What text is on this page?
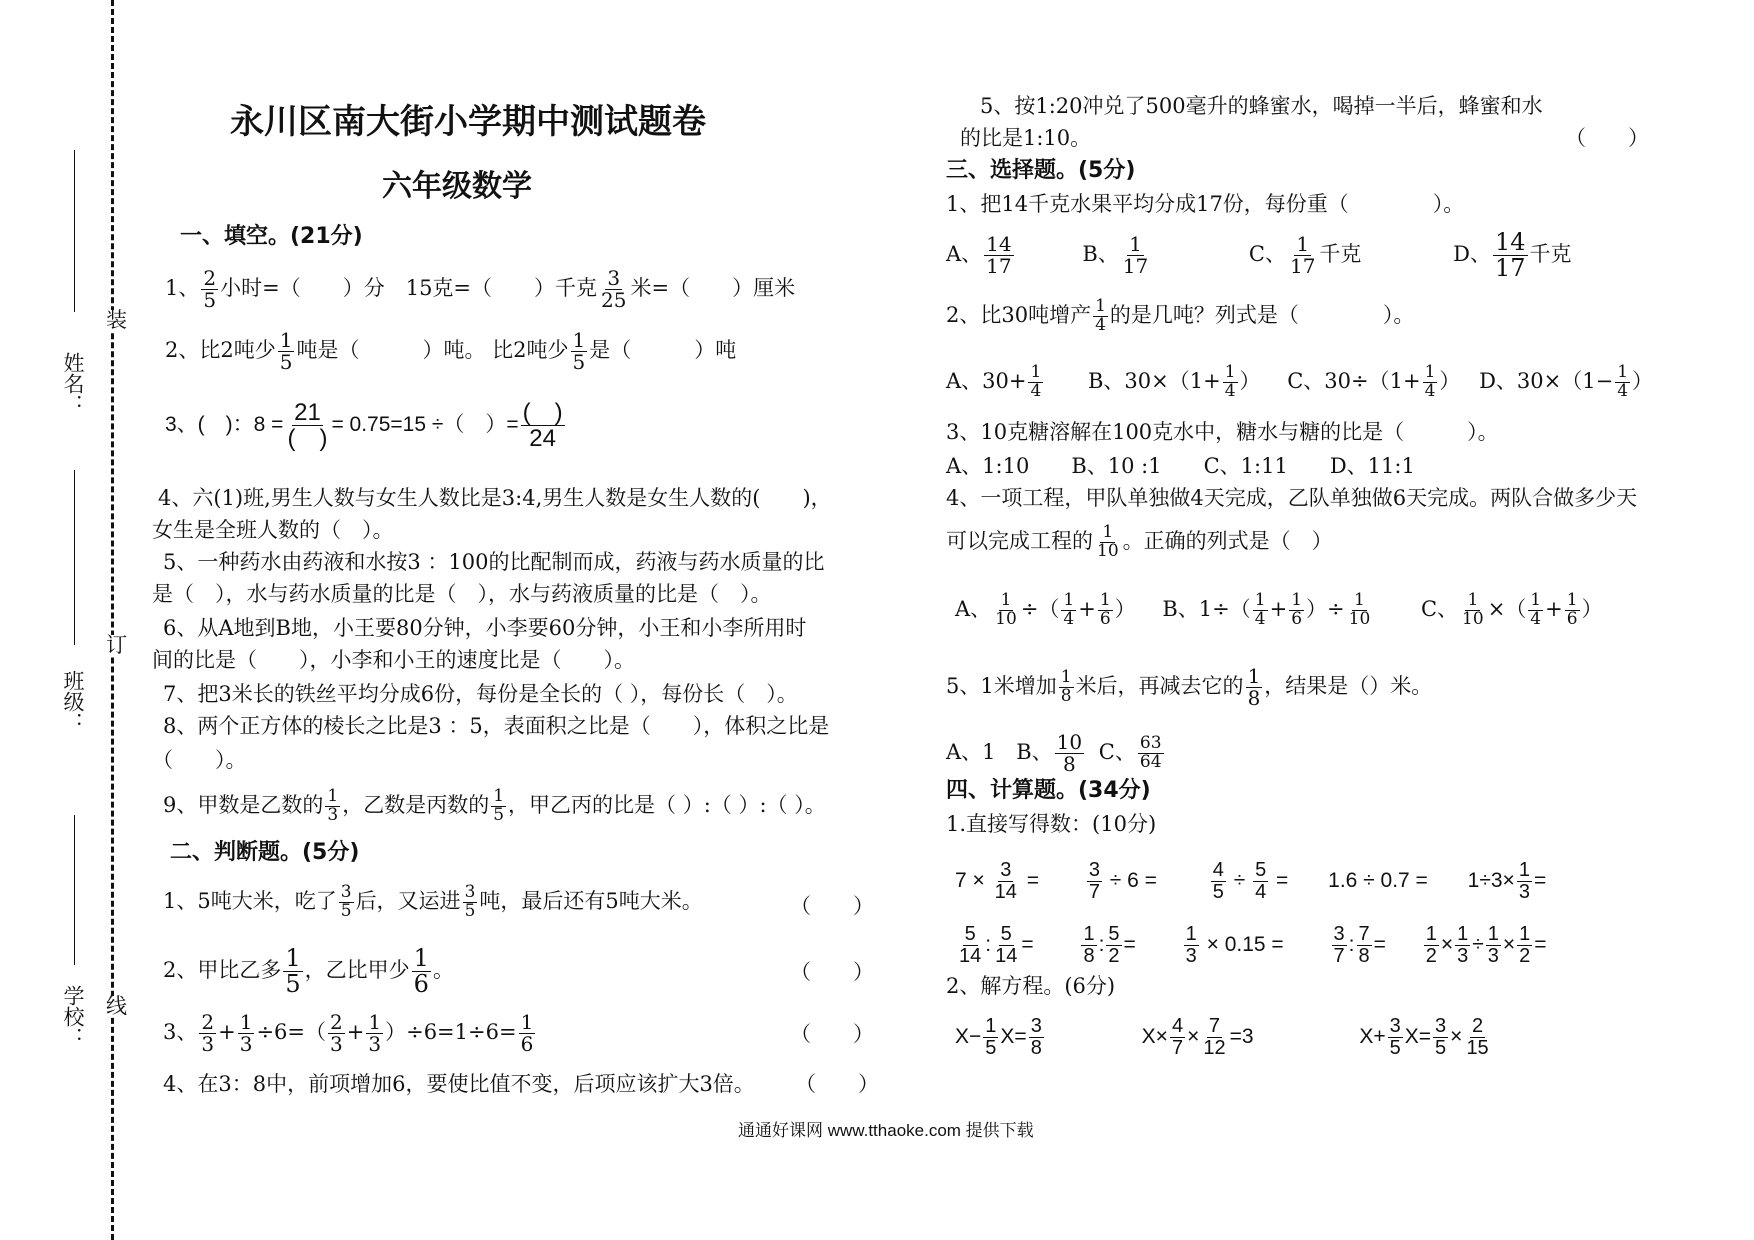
姓名：
班级：
学校：
装
订
线
永川区南大街小学期中测试题卷
六年级数学
一、填空。(21分)
1、 $\frac{2}{5}$ 小时=（　　）分　15克=（　　）千克 $\frac{3}{25}$ 米=（　　）厘米
2、比2吨少 $\frac{1}{5}$ 吨是（　　　）吨。 比2吨少 $\frac{1}{5}$ 是（　　　）吨
3、(　)：8 = 21
(　)
= 0.75=15 ÷（　）= (　)
24
4、六(1)班,男生人数与女生人数比是3:4,男生人数是女生人数的(　　)，
女生是全班人数的（　）。
5、一种药水由药液和水按3 ：100的比配制而成，药液与药水质量的比
是（　），水与药水质量的比是（　），水与药液质量的比是（　）。
6、从A地到B地，小王要80分钟，小李要60分钟，小王和小李所用时
间的比是（　　），小李和小王的速度比是（　　）。
7、把3米长的铁丝平均分成6份，每份是全长的（ ），每份长（　）。
8、两个正方体的棱长之比是3 ：5，表面积之比是（　　），体积之比是
（　　）。
9、甲数是乙数的 $\frac{1}{3}$ ，乙数是丙数的 $\frac{1}{5}$ ，甲乙丙的比是（ ）:（ ）:（ ）。
二、判断题。(5分)
1、5吨大米，吃了 $\frac{3}{5}$ 后，又运进 $\frac{3}{5}$ 吨，最后还有5吨大米。	（　　）
2、甲比乙多 $\frac{1}{5}$ ，乙比甲少 $\frac{1}{6}$ 。	（　　）
3、 $\frac{2}{3} + \frac{1}{3} \div 6=( \frac{2}{3} + \frac{1}{3} )\div 6=1\div 6= \frac{1}{6}$	（　　）
4、在3：8中，前项增加6，要使比值不变，后项应该扩大3倍。 （　　）
通通好课网 www.tthaoke.com 提供下载
5、按1:20冲兑了500毫升的蜂蜜水，喝掉一半后，蜂蜜和水
的比是1:10。	（　　）
三、选择题。(5分)
1、把14千克水果平均分成17份，每份重（　　　　）。
A、 $\frac{14}{17}$	B、 $\frac{1}{17}$	C、 $\frac{1}{17}$ 千克	D、 $\frac{14}{17}$ 千克
2、比30吨增产 $\frac{1}{4}$ 的是几吨？列式是（　　　　）。
A、$30+ \frac{1}{4}$ B、$30\times(1+ \frac{1}{4}$ ） C、$30\div(1+ \frac{1}{4}$ ） D、$30\times(1- \frac{1}{4}$ ）
3、10克糖溶解在100克水中，糖水与糖的比是（　　　）。
A、1:10　　B、10 :1　　C、1:11　　D、11:1
4、一项工程，甲队单独做4天完成，乙队单独做6天完成。两队合做多少天
可以完成工程的 $\frac{1}{10}$ 。正确的列式是（　）
A、 $\frac{1}{10}$ ÷（ $\frac{1}{4} + \frac{1}{6}$ ） B、$1\div( \frac{1}{4} + \frac{1}{6}$ ）÷ $\frac{1}{10}$ C、 $\frac{1}{10}$ ×（ $\frac{1}{4} + \frac{1}{6}$ ）
5、1米增加 $\frac{1}{8}$ 米后，再减去它的 $\frac{1}{8}$ ，结果是（）米。
A、1 B、 $\frac{10}{8}$ C、 $\frac{63}{64}$
四、计算题。(34分)
1.直接写得数：(10分)
$7 \times \frac{3}{14} = \frac{3}{7} \div 6 = \frac{4}{5} \div \frac{5}{4} = 1.6 \div 0.7 = 1\div 3\times \frac{1}{3}$ =
$\frac{5}{14}$ : $\frac{5}{14} = \frac{1}{8}$ : $\frac{5}{2} = \frac{1}{3} \times 0.15 = \frac{3}{7}$ : $\frac{7}{8} = \frac{1}{2} \times \frac{1}{3} \div \frac{1}{3} \times \frac{1}{2}$ =
2、解方程。(6分)
$X- \frac{1}{5} X= \frac{3}{8}$	$X\times \frac{4}{7} \times \frac{7}{12} =3$	$X+ \frac{3}{5} X= \frac{3}{5} \times \frac{2}{15}$
